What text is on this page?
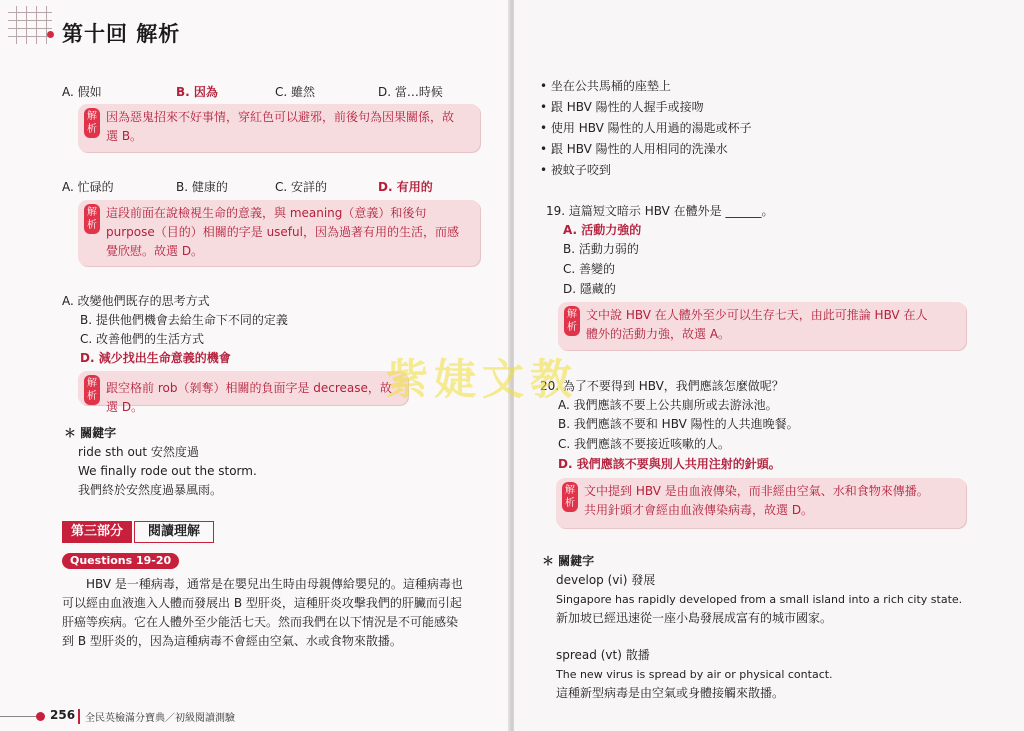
第十回 解析
A. 假如	B. 因為	C. 雖然	D. 當…時候
解析
因為惡鬼招來不好事情，穿紅色可以避邪，前後句為因果關係，故
選 B。
A. 忙碌的	B. 健康的	C. 安詳的	D. 有用的
解析
這段前面在說檢視生命的意義，與 meaning（意義）和後句
purpose（目的）相關的字是 useful，因為過著有用的生活，而感
覺欣慰。故選 D。
A. 改變他們既存的思考方式
B. 提供他們機會去給生命下不同的定義
C. 改善他們的生活方式
D. 減少找出生命意義的機會
解析
跟空格前 rob（剝奪）相關的負面字是 decrease，故選 D。
＊ 關鍵字
ride sth out 安然度過
We finally rode out the storm.
我們終於安然度過暴風雨。
第三部分	閱讀理解
Questions 19-20
HBV 是一種病毒，通常是在嬰兒出生時由母親傳給嬰兒的。這種病毒也
可以經由血液進入人體而發展出 B 型肝炎，這種肝炎攻擊我們的肝臟而引起
肝癌等疾病。它在人體外至少能活七天。然而我們在以下情況是不可能感染
到 B 型肝炎的，因為這種病毒不會經由空氣、水或食物來散播。
256 全民英檢滿分寶典／初級閱讀測驗
• 坐在公共馬桶的座墊上
• 跟 HBV 陽性的人握手或接吻
• 使用 HBV 陽性的人用過的湯匙或杯子
• 跟 HBV 陽性的人用相同的洗澡水
• 被蚊子咬到
19. 這篇短文暗示 HBV 在體外是 ______。
A. 活動力強的
B. 活動力弱的
C. 善變的
D. 隱藏的
解析
文中說 HBV 在人體外至少可以生存七天，由此可推論 HBV 在人
體外的活動力強，故選 A。
20. 為了不要得到 HBV，我們應該怎麼做呢？
A. 我們應該不要上公共廁所或去游泳池。
B. 我們應該不要和 HBV 陽性的人共進晚餐。
C. 我們應該不要接近咳嗽的人。
D. 我們應該不要與別人共用注射的針頭。
解析
文中提到 HBV 是由血液傳染，而非經由空氣、水和食物來傳播。
共用針頭才會經由血液傳染病毒，故選 D。
＊ 關鍵字
develop (vi) 發展
Singapore has rapidly developed from a small island into a rich city state.
新加坡已經迅速從一座小島發展成富有的城市國家。
spread (vt) 散播
The new virus is spread by air or physical contact.
這種新型病毒是由空氣或身體接觸來散播。
紫婕文教
